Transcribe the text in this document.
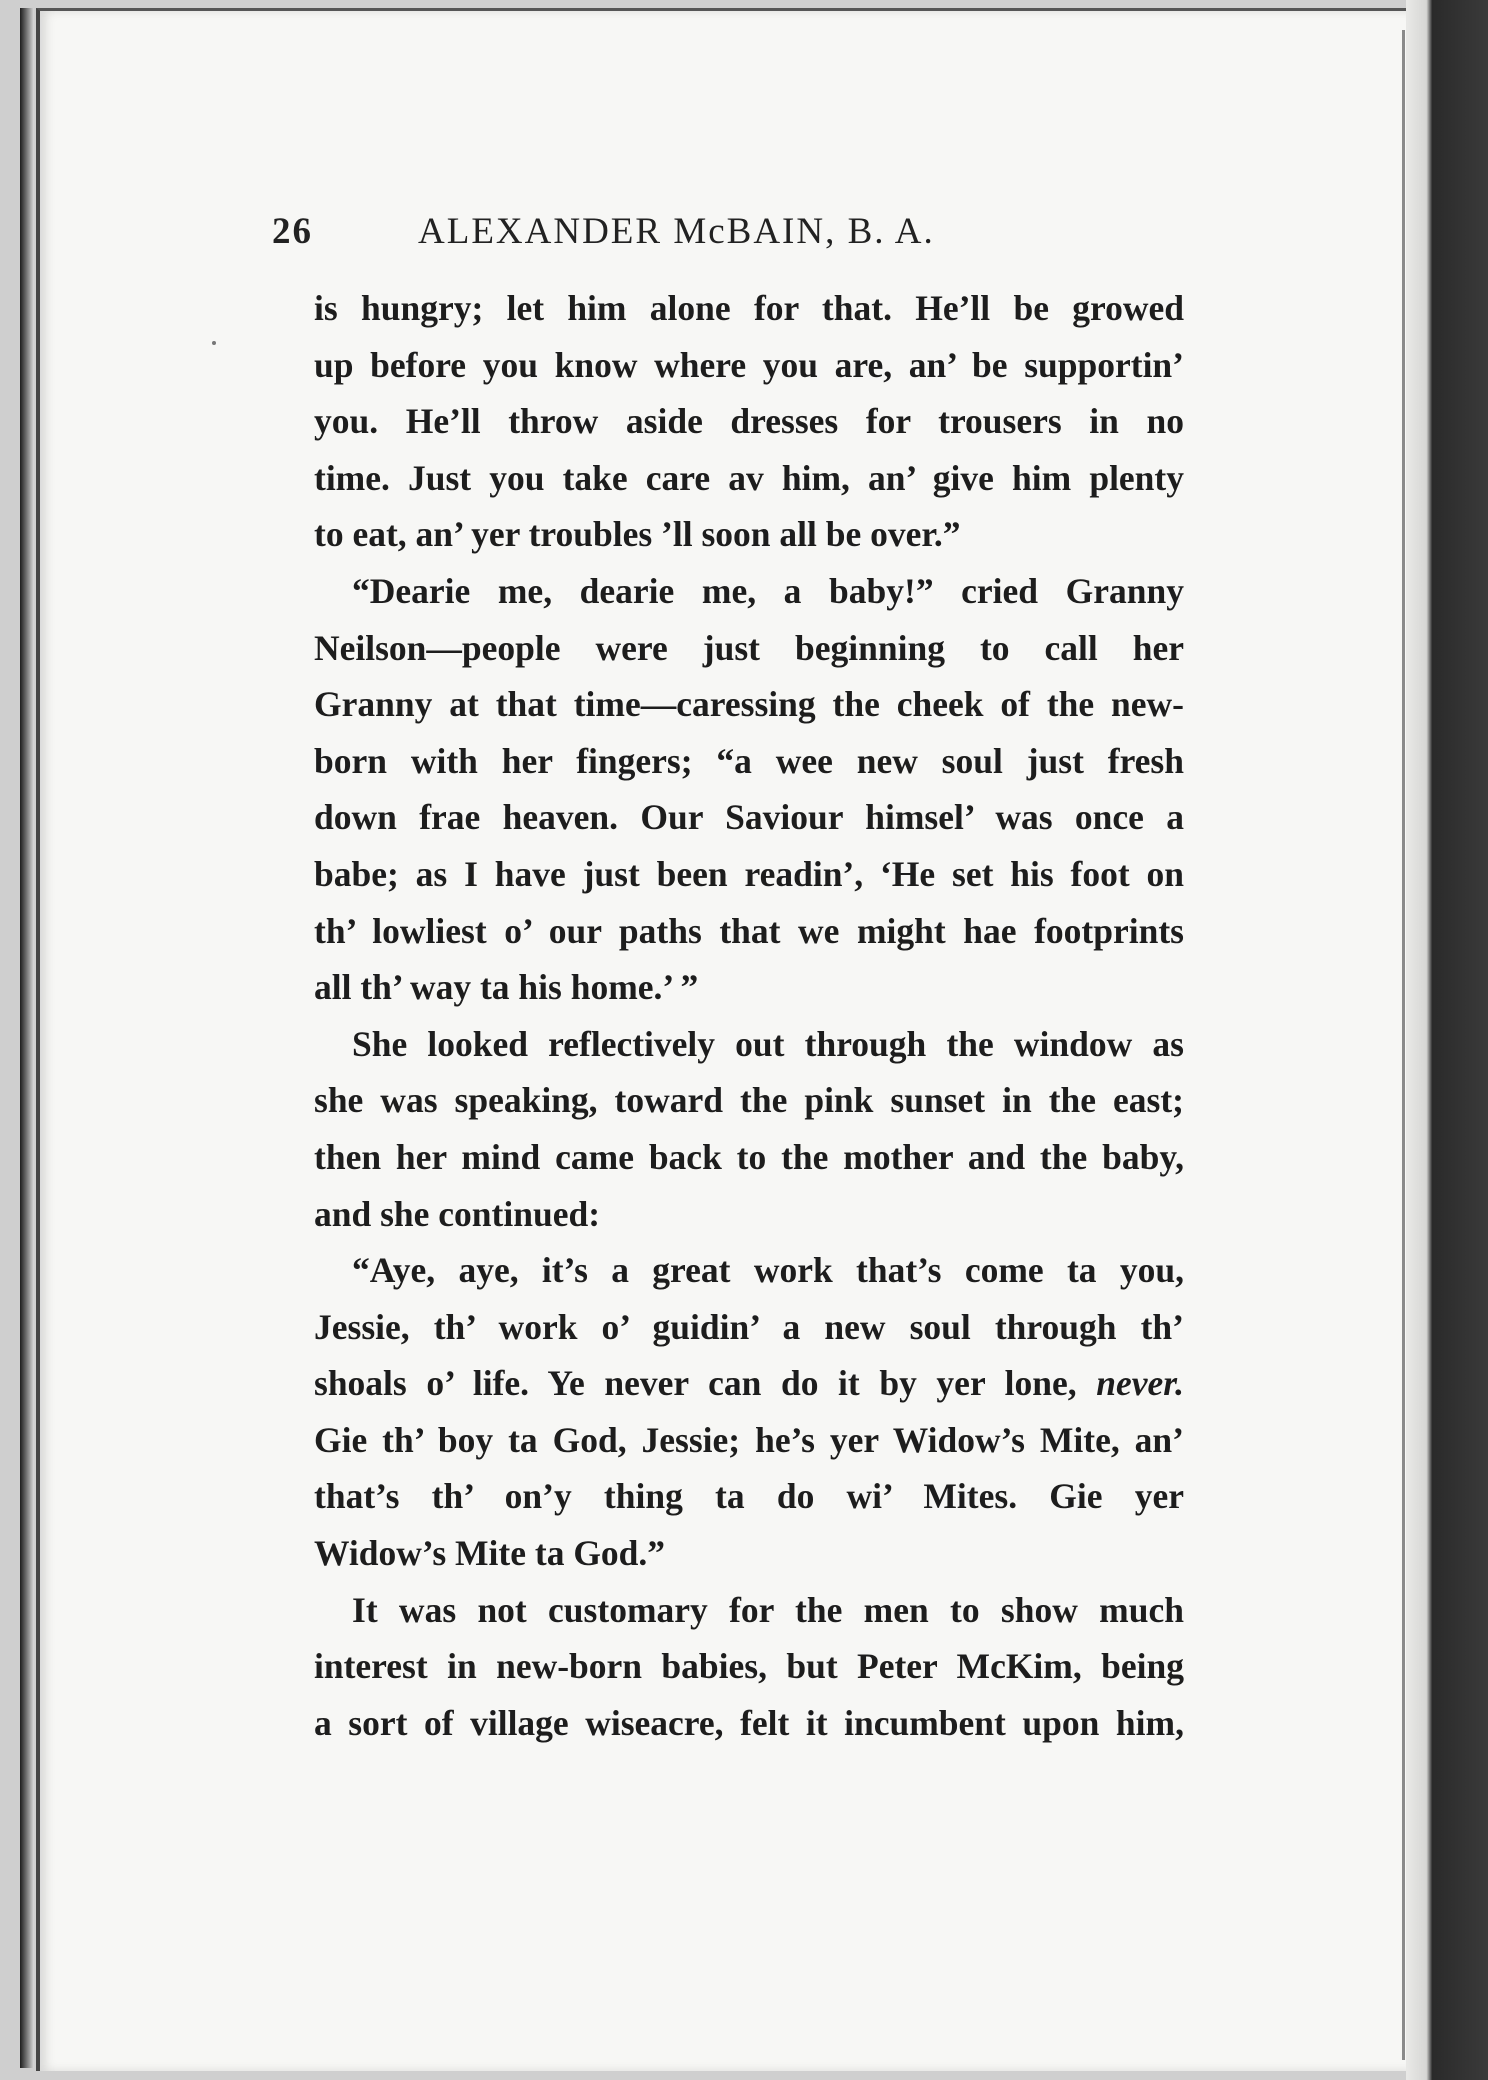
26	ALEXANDER McBAIN, B. A.

is hungry; let him alone for that. He’ll be growed
up before you know where you are, an’ be supportin’
you. He’ll throw aside dresses for trousers in no
time. Just you take care av him, an’ give him plenty
to eat, an’ yer troubles ’ll soon all be over.”

“Dearie me, dearie me, a baby!” cried Granny
Neilson—people were just beginning to call her
Granny at that time—caressing the cheek of the new-
born with her fingers; “a wee new soul just fresh
down frae heaven. Our Saviour himsel’ was once a
babe; as I have just been readin’, ‘He set his foot on
th’ lowliest o’ our paths that we might hae footprints
all th’ way ta his home.’ ”

She looked reflectively out through the window as
she was speaking, toward the pink sunset in the east;
then her mind came back to the mother and the baby,
and she continued:

“Aye, aye, it’s a great work that’s come ta you,
Jessie, th’ work o’ guidin’ a new soul through th’
shoals o’ life. Ye never can do it by yer lone, never.
Gie th’ boy ta God, Jessie; he’s yer Widow’s Mite, an’
that’s th’ on’y thing ta do wi’ Mites. Gie yer
Widow’s Mite ta God.”

It was not customary for the men to show much
interest in new-born babies, but Peter McKim, being
a sort of village wiseacre, felt it incumbent upon him,
